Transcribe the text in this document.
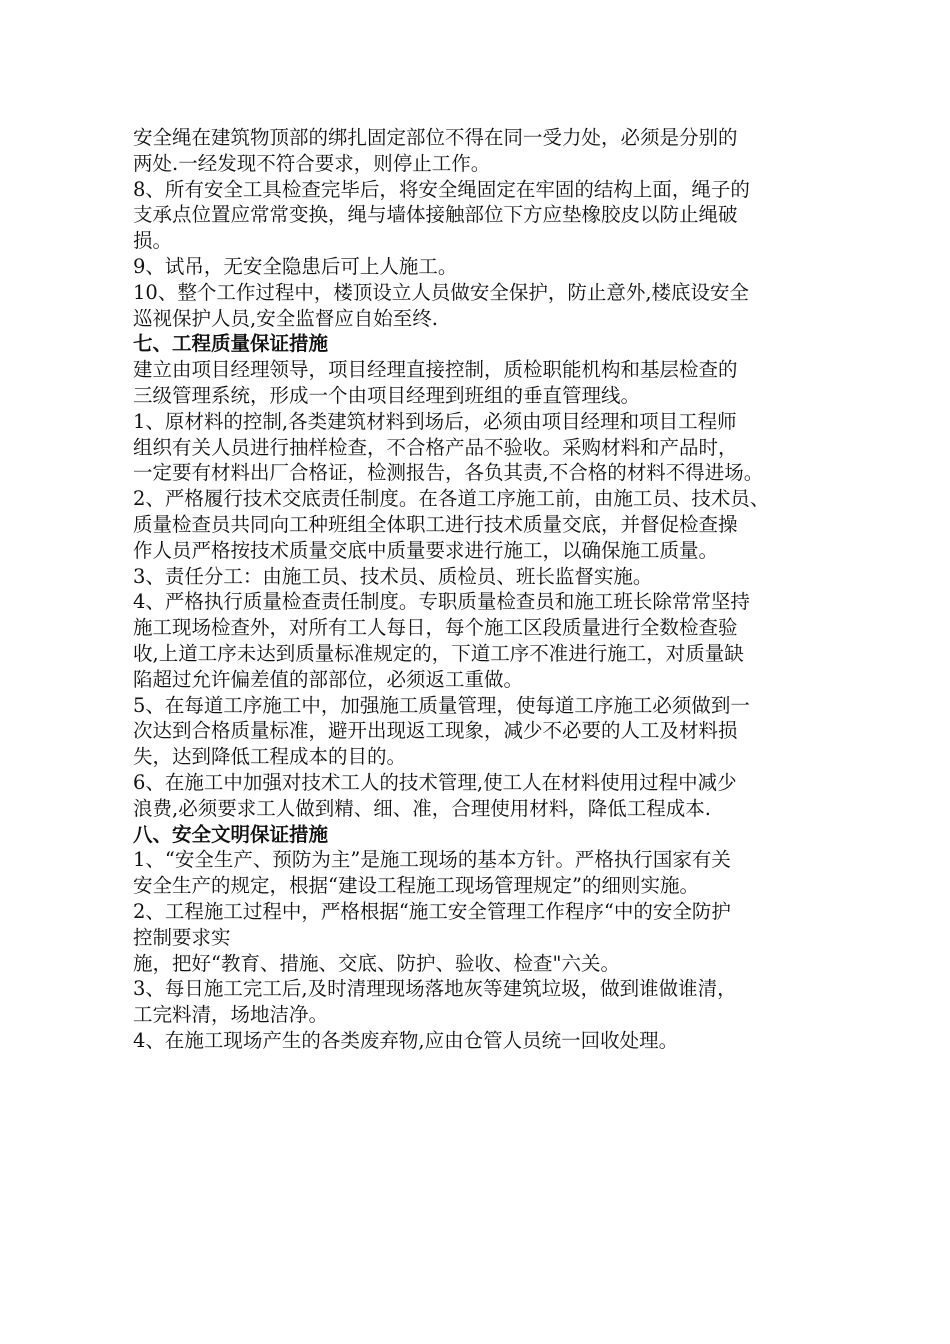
安全绳在建筑物顶部的绑扎固定部位不得在同一受力处，必须是分别的
两处.一经发现不符合要求，则停止工作。
8、所有安全工具检查完毕后，将安全绳固定在牢固的结构上面，绳子的
支承点位置应常常变换，绳与墙体接触部位下方应垫橡胶皮以防止绳破
损。
9、试吊，无安全隐患后可上人施工。
10、整个工作过程中，楼顶设立人员做安全保护，防止意外,楼底设安全
巡视保护人员,安全监督应自始至终.
七、工程质量保证措施
建立由项目经理领导，项目经理直接控制，质检职能机构和基层检查的
三级管理系统，形成一个由项目经理到班组的垂直管理线。
1、原材料的控制,各类建筑材料到场后，必须由项目经理和项目工程师
组织有关人员进行抽样检查，不合格产品不验收。采购材料和产品时，
一定要有材料出厂合格证，检测报告，各负其责,不合格的材料不得进场。
2、严格履行技术交底责任制度。在各道工序施工前，由施工员、技术员、
质量检查员共同向工种班组全体职工进行技术质量交底，并督促检查操
作人员严格按技术质量交底中质量要求进行施工，以确保施工质量。
3、责任分工：由施工员、技术员、质检员、班长监督实施。
4、严格执行质量检查责任制度。专职质量检查员和施工班长除常常坚持
施工现场检查外，对所有工人每日，每个施工区段质量进行全数检查验
收,上道工序未达到质量标准规定的，下道工序不准进行施工，对质量缺
陷超过允许偏差值的部部位，必须返工重做。
5、在每道工序施工中，加强施工质量管理，使每道工序施工必须做到一
次达到合格质量标准，避开出现返工现象，减少不必要的人工及材料损
失，达到降低工程成本的目的。
6、在施工中加强对技术工人的技术管理,使工人在材料使用过程中减少
浪费,必须要求工人做到精、细、准，合理使用材料，降低工程成本.
八、安全文明保证措施
1、“安全生产、预防为主”是施工现场的基本方针。严格执行国家有关
安全生产的规定，根据“建设工程施工现场管理规定”的细则实施。
2、工程施工过程中，严格根据“施工安全管理工作程序“中的安全防护
控制要求实
施，把好“教育、措施、交底、防护、验收、检查"六关。
3、每日施工完工后,及时清理现场落地灰等建筑垃圾，做到谁做谁清，
工完料清，场地洁净。
4、在施工现场产生的各类废弃物,应由仓管人员统一回收处理。
